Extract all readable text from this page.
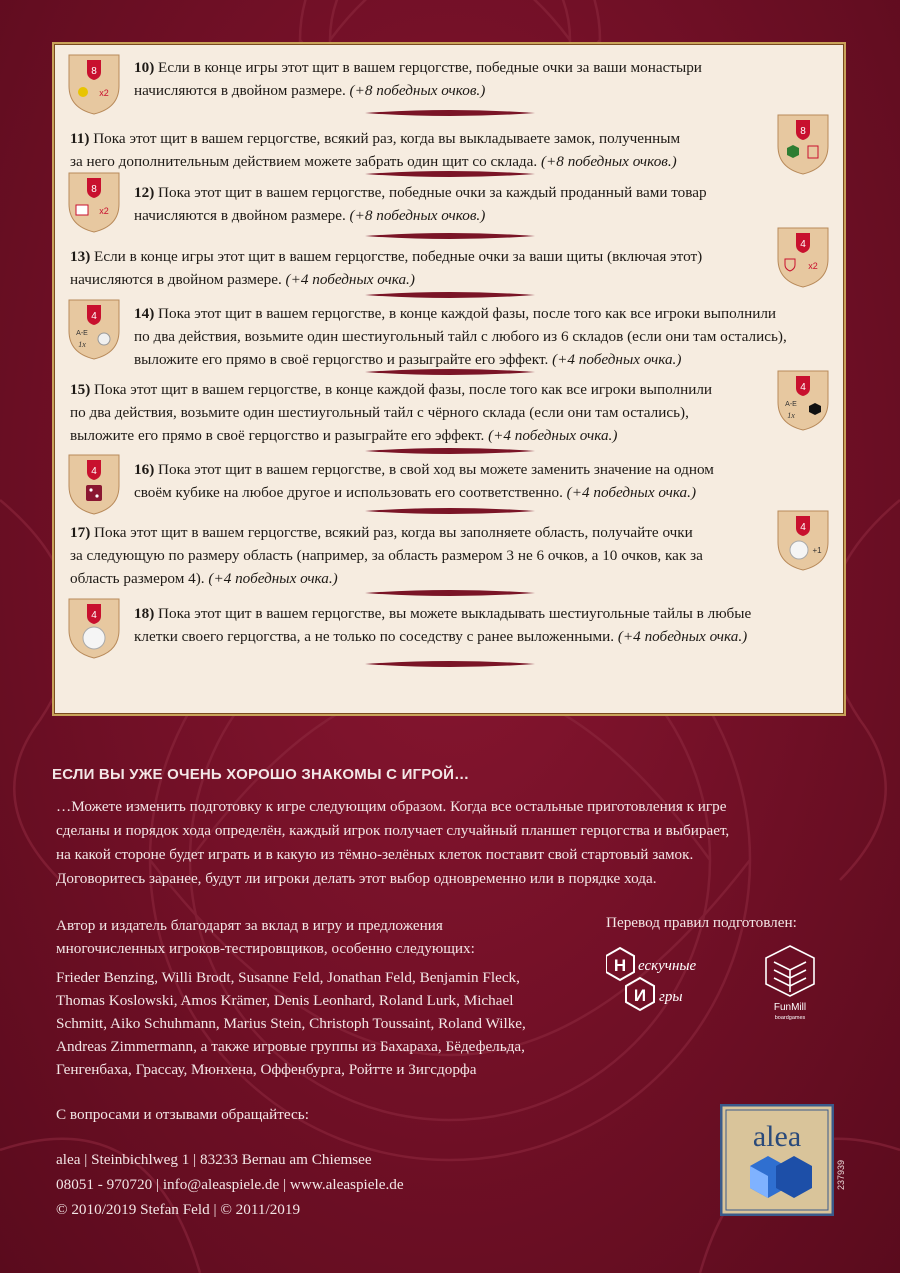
10) Если в конце игры этот щит в вашем герцогстве, победные очки за ваши монастыри
начисляются в двойном размере. (+8 победных очков.)
11) Пока этот щит в вашем герцогстве, всякий раз, когда вы выкладываете замок, полученным
за него дополнительным действием можете забрать один щит со склада. (+8 победных очков.)
12) Пока этот щит в вашем герцогстве, победные очки за каждый проданный вами товар
начисляются в двойном размере. (+8 победных очков.)
13) Если в конце игры этот щит в вашем герцогстве, победные очки за ваши щиты (включая этот)
начисляются в двойном размере. (+4 победных очка.)
14) Пока этот щит в вашем герцогстве, в конце каждой фазы, после того как все игроки выполнили
по два действия, возьмите один шестиугольный тайл с любого из 6 складов (если они там остались),
выложите его прямо в своё герцогство и разыграйте его эффект. (+4 победных очка.)
15) Пока этот щит в вашем герцогстве, в конце каждой фазы, после того как все игроки выполнили
по два действия, возьмите один шестиугольный тайл с чёрного склада (если они там остались),
выложите его прямо в своё герцогство и разыграйте его эффект. (+4 победных очка.)
16) Пока этот щит в вашем герцогстве, в свой ход вы можете заменить значение на одном
своём кубике на любое другое и использовать его соответственно. (+4 победных очка.)
17) Пока этот щит в вашем герцогстве, всякий раз, когда вы заполняете область, получайте очки
за следующую по размеру область (например, за область размером 3 не 6 очков, а 10 очков, как за
область размером 4). (+4 победных очка.)
18) Пока этот щит в вашем герцогстве, вы можете выкладывать шестиугольные тайлы в любые
клетки своего герцогства, а не только по соседству с ранее выложенными. (+4 победных очка.)
8
x2
8
8
x2
4
x2
4
A-E
1x
4
A-E
1x
4
4
+1
4
ЕСЛИ ВЫ УЖЕ ОЧЕНЬ ХОРОШО ЗНАКОМЫ С ИГРОЙ…
…Можете изменить подготовку к игре следующим образом. Когда все остальные приготовления к игре
сделаны и порядок хода определён, каждый игрок получает случайный планшет герцогства и выбирает,
на какой стороне будет играть и в какую из тёмно-зелёных клеток поставит свой стартовый замок.
Договоритесь заранее, будут ли игроки делать этот выбор одновременно или в порядке хода.

Автор и издатель благодарят за вклад в игру и предложения

многочисленных игроков-тестировщиков, особенно следующих:

Frieder Benzing, Willi Brodt, Susanne Feld, Jonathan Feld, Benjamin Fleck,

Thomas Koslowski, Amos Krämer, Denis Leonhard, Roland Lurk, Michael

Schmitt, Aiko Schuhmann, Marius Stein, Christoph Toussaint, Roland Wilke,

Andreas Zimmermann, а также игровые группы из Бахараха, Бёдефельда,

Генгенбаха, Грассау, Мюнхена, Оффенбурга, Ройтте и Зигсдорфа

С вопросами и отзывами обращайтесь:

alea | Steinbichlweg 1 | 83233 Bernau am Chiemsee

08051 - 970720 | info@aleaspiele.de | www.aleaspiele.de

© 2010/2019 Stefan Feld | © 2011/2019

Перевод правил подготовлен:
Н ескучные
И гры
FunMill
boardgames
alea
237939
